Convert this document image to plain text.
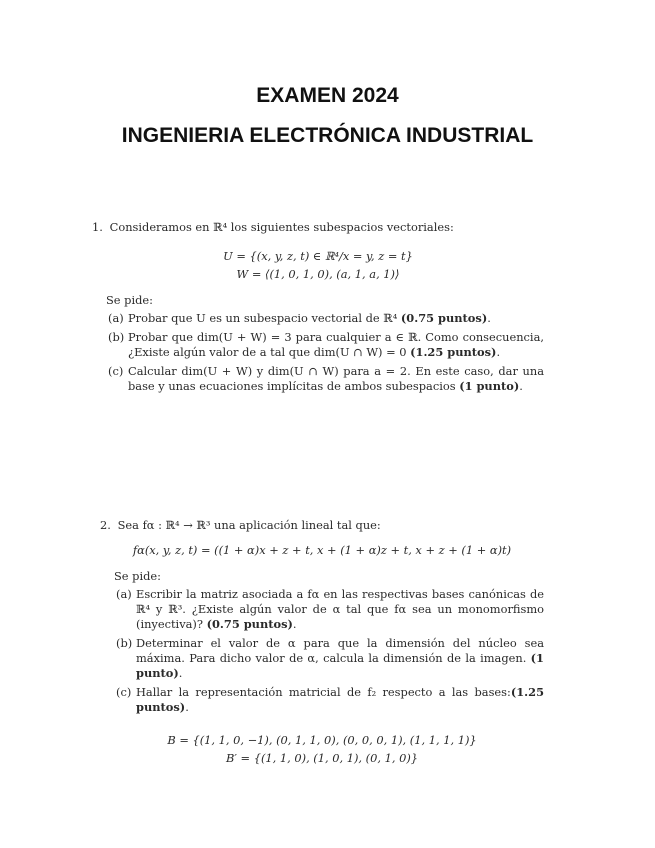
EXAMEN 2024
INGENIERIA ELECTRÓNICA INDUSTRIAL

1. Consideramos en ℝ⁴ los siguientes subespacios vectoriales:

U = {(x, y, z, t) ∈ ℝ⁴/x = y, z = t}

W = ⟨(1, 0, 1, 0), (a, 1, a, 1)⟩

Se pide:

(a) Probar que U es un subespacio vectorial de ℝ⁴ (0.75 puntos).
(b) Probar que dim(U + W) = 3 para cualquier a ∈ ℝ. Como consecuencia, ¿Existe algún valor de a tal que dim(U ∩ W) = 0 (1.25 puntos).
(c) Calcular dim(U + W) y dim(U ∩ W) para a = 2. En este caso, dar una base y unas ecuaciones implícitas de ambos subespacios (1 punto).

2. Sea fα : ℝ⁴ → ℝ³ una aplicación lineal tal que:

fα(x, y, z, t) = ((1 + α)x + z + t, x + (1 + α)z + t, x + z + (1 + α)t)

Se pide:

(a) Escribir la matriz asociada a fα en las respectivas bases canónicas de ℝ⁴ y ℝ³. ¿Existe algún valor de α tal que fα sea un monomorfismo (inyectiva)? (0.75 puntos).
(b) Determinar el valor de α para que la dimensión del núcleo sea máxima. Para dicho valor de α, calcula la dimensión de la imagen. (1 punto).
(c) Hallar la representación matricial de f₂ respecto a las bases:(1.25 puntos).

B = {(1, 1, 0, −1), (0, 1, 1, 0), (0, 0, 0, 1), (1, 1, 1, 1)}

B′ = {(1, 1, 0), (1, 0, 1), (0, 1, 0)}
